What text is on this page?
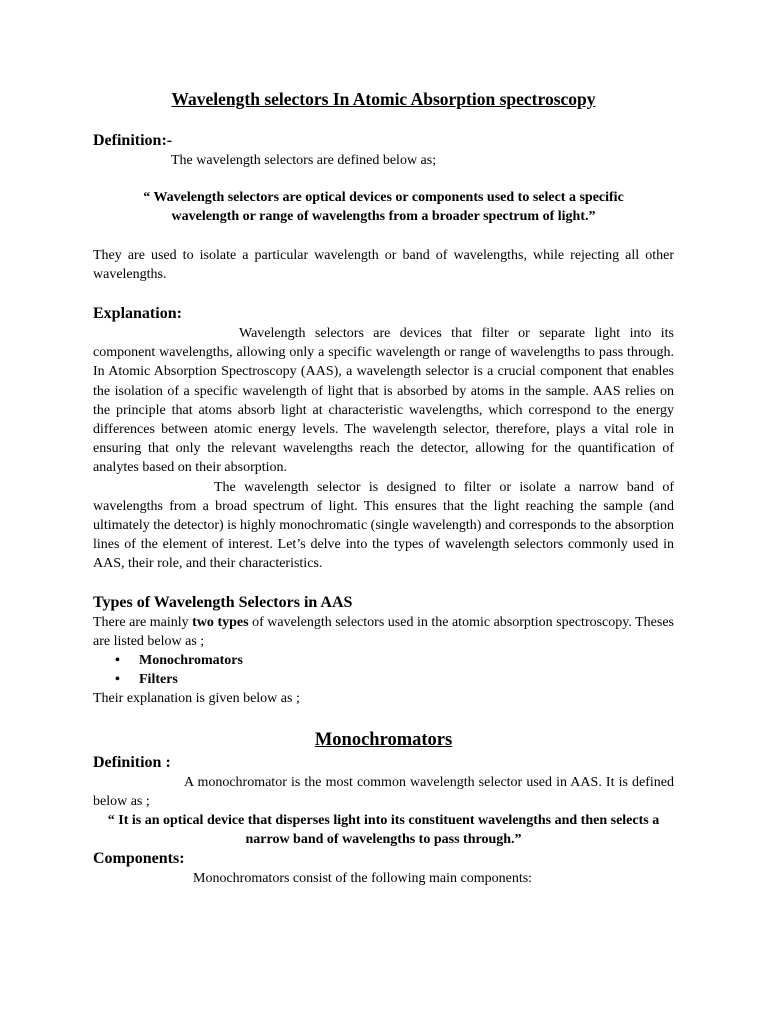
Wavelength selectors In Atomic Absorption spectroscopy
Definition:-

The wavelength selectors are defined below as;

“ Wavelength selectors are optical devices or components used to select a specific wavelength or range of wavelengths from a broader spectrum of light.”

They are used to isolate a particular wavelength or band of wavelengths, while rejecting all other wavelengths.

Explanation:

Wavelength selectors are devices that filter or separate light into its component wavelengths, allowing only a specific wavelength or range of wavelengths to pass through. In Atomic Absorption Spectroscopy (AAS), a wavelength selector is a crucial component that enables the isolation of a specific wavelength of light that is absorbed by atoms in the sample. AAS relies on the principle that atoms absorb light at characteristic wavelengths, which correspond to the energy differences between atomic energy levels. The wavelength selector, therefore, plays a vital role in ensuring that only the relevant wavelengths reach the detector, allowing for the quantification of analytes based on their absorption.

The wavelength selector is designed to filter or isolate a narrow band of wavelengths from a broad spectrum of light. This ensures that the light reaching the sample (and ultimately the detector) is highly monochromatic (single wavelength) and corresponds to the absorption lines of the element of interest. Let’s delve into the types of wavelength selectors commonly used in AAS, their role, and their characteristics.

Types of Wavelength Selectors in AAS

There are mainly two types of wavelength selectors used in the atomic absorption spectroscopy. Theses are listed below as ;

• Monochromators
• Filters

Their explanation is given below as ;

Monochromators
Definition :

A monochromator is the most common wavelength selector used in AAS. It is defined below as ;

“ It is an optical device that disperses light into its constituent wavelengths and then selects a narrow band of wavelengths to pass through.”

Components:

Monochromators consist of the following main components:
